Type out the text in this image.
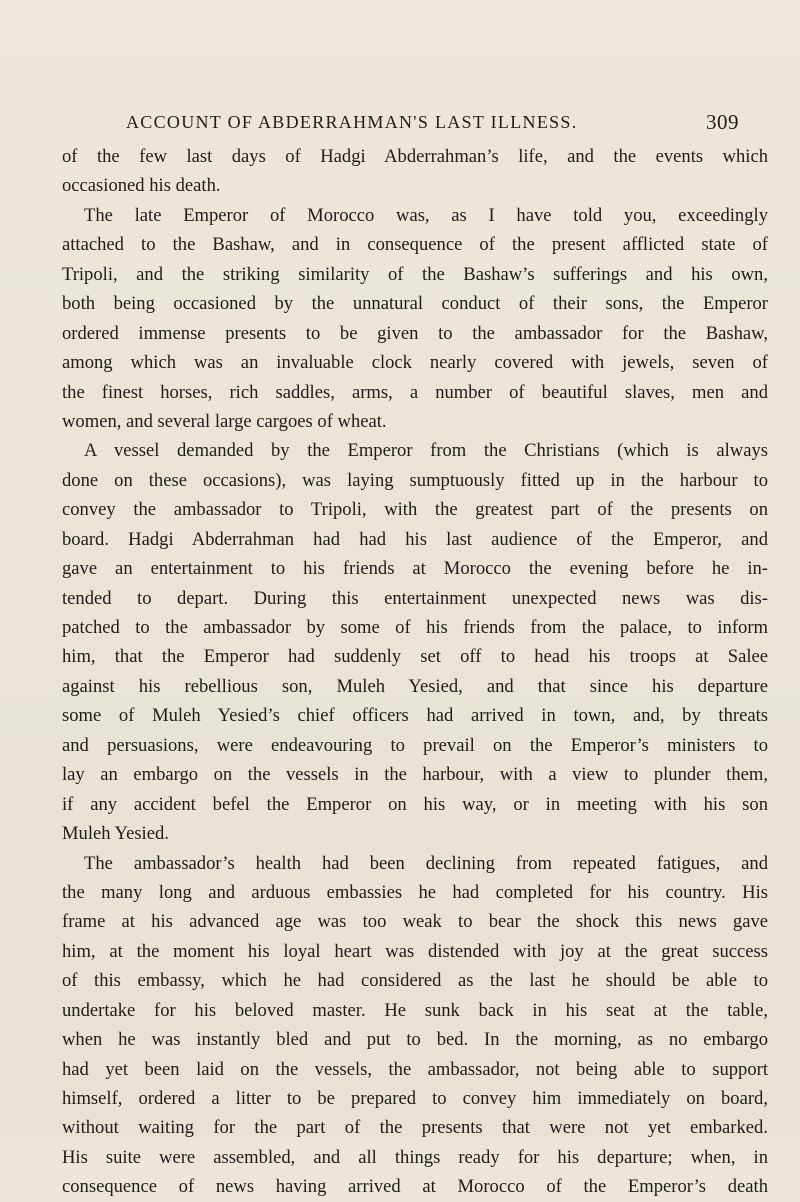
ACCOUNT OF ABDERRAHMAN'S LAST ILLNESS.	309
of the few last days of Hadgi Abderrahman’s life, and the events which
occasioned his death.
The late Emperor of Morocco was, as I have told you, exceedingly
attached to the Bashaw, and in consequence of the present afflicted state of
Tripoli, and the striking similarity of the Bashaw’s sufferings and his own,
both being occasioned by the unnatural conduct of their sons, the Emperor
ordered immense presents to be given to the ambassador for the Bashaw,
among which was an invaluable clock nearly covered with jewels, seven of
the finest horses, rich saddles, arms, a number of beautiful slaves, men and
women, and several large cargoes of wheat.
A vessel demanded by the Emperor from the Christians (which is always
done on these occasions), was laying sumptuously fitted up in the harbour to
convey the ambassador to Tripoli, with the greatest part of the presents on
board. Hadgi Abderrahman had had his last audience of the Emperor, and
gave an entertainment to his friends at Morocco the evening before he in-
tended to depart. During this entertainment unexpected news was dis-
patched to the ambassador by some of his friends from the palace, to inform
him, that the Emperor had suddenly set off to head his troops at Salee
against his rebellious son, Muleh Yesied, and that since his departure
some of Muleh Yesied’s chief officers had arrived in town, and, by threats
and persuasions, were endeavouring to prevail on the Emperor’s ministers to
lay an embargo on the vessels in the harbour, with a view to plunder them,
if any accident befel the Emperor on his way, or in meeting with his son
Muleh Yesied.
The ambassador’s health had been declining from repeated fatigues, and
the many long and arduous embassies he had completed for his country. His
frame at his advanced age was too weak to bear the shock this news gave
him, at the moment his loyal heart was distended with joy at the great success
of this embassy, which he had considered as the last he should be able to
undertake for his beloved master. He sunk back in his seat at the table,
when he was instantly bled and put to bed. In the morning, as no embargo
had yet been laid on the vessels, the ambassador, not being able to support
himself, ordered a litter to be prepared to convey him immediately on board,
without waiting for the part of the presents that were not yet embarked.
His suite were assembled, and all things ready for his departure; when, in
consequence of news having arrived at Morocco of the Emperor’s death
